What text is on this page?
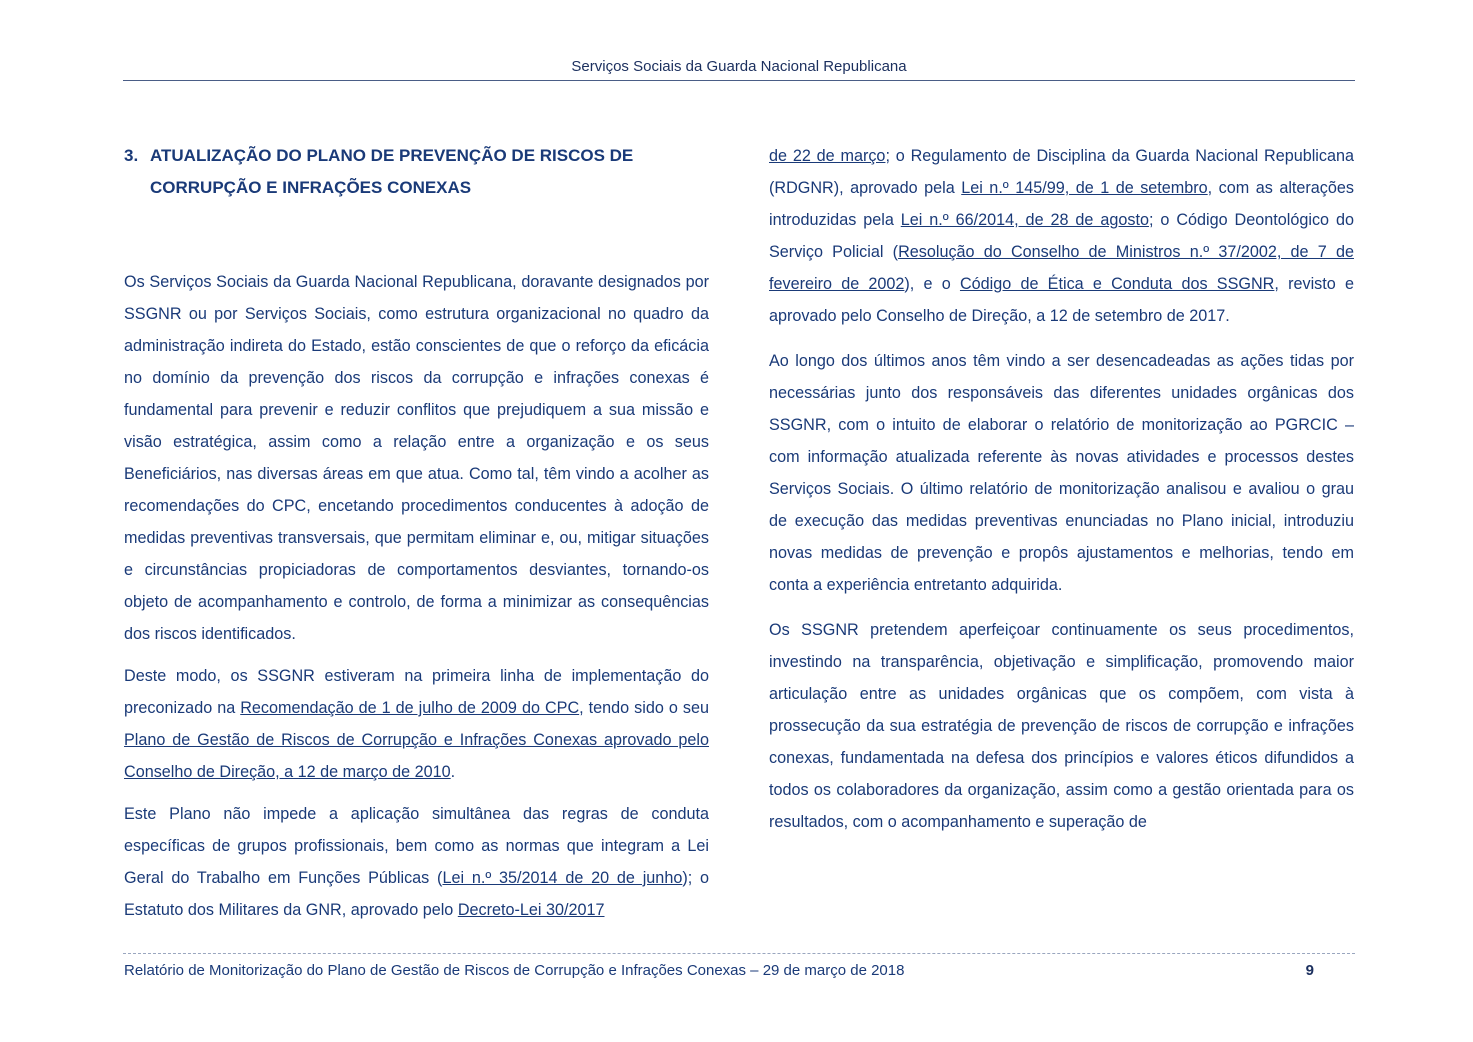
Serviços Sociais da Guarda Nacional Republicana
3. ATUALIZAÇÃO DO PLANO DE PREVENÇÃO DE RISCOS DE CORRUPÇÃO E INFRAÇÕES CONEXAS

Os Serviços Sociais da Guarda Nacional Republicana, doravante designados por SSGNR ou por Serviços Sociais, como estrutura organizacional no quadro da administração indireta do Estado, estão conscientes de que o reforço da eficácia no domínio da prevenção dos riscos da corrupção e infrações conexas é fundamental para prevenir e reduzir conflitos que prejudiquem a sua missão e visão estratégica, assim como a relação entre a organização e os seus Beneficiários, nas diversas áreas em que atua. Como tal, têm vindo a acolher as recomendações do CPC, encetando procedimentos conducentes à adoção de medidas preventivas transversais, que permitam eliminar e, ou, mitigar situações e circunstâncias propiciadoras de comportamentos desviantes, tornando-os objeto de acompanhamento e controlo, de forma a minimizar as consequências dos riscos identificados.

Deste modo, os SSGNR estiveram na primeira linha de implementação do preconizado na Recomendação de 1 de julho de 2009 do CPC, tendo sido o seu Plano de Gestão de Riscos de Corrupção e Infrações Conexas aprovado pelo Conselho de Direção, a 12 de março de 2010.

Este Plano não impede a aplicação simultânea das regras de conduta específicas de grupos profissionais, bem como as normas que integram a Lei Geral do Trabalho em Funções Públicas (Lei n.º 35/2014 de 20 de junho); o Estatuto dos Militares da GNR, aprovado pelo Decreto-Lei 30/2017

de 22 de março; o Regulamento de Disciplina da Guarda Nacional Republicana (RDGNR), aprovado pela Lei n.º 145/99, de 1 de setembro, com as alterações introduzidas pela Lei n.º 66/2014, de 28 de agosto; o Código Deontológico do Serviço Policial (Resolução do Conselho de Ministros n.º 37/2002, de 7 de fevereiro de 2002), e o Código de Ética e Conduta dos SSGNR, revisto e aprovado pelo Conselho de Direção, a 12 de setembro de 2017.

Ao longo dos últimos anos têm vindo a ser desencadeadas as ações tidas por necessárias junto dos responsáveis das diferentes unidades orgânicas dos SSGNR, com o intuito de elaborar o relatório de monitorização ao PGRCIC – com informação atualizada referente às novas atividades e processos destes Serviços Sociais. O último relatório de monitorização analisou e avaliou o grau de execução das medidas preventivas enunciadas no Plano inicial, introduziu novas medidas de prevenção e propôs ajustamentos e melhorias, tendo em conta a experiência entretanto adquirida.

Os SSGNR pretendem aperfeiçoar continuamente os seus procedimentos, investindo na transparência, objetivação e simplificação, promovendo maior articulação entre as unidades orgânicas que os compõem, com vista à prossecução da sua estratégia de prevenção de riscos de corrupção e infrações conexas, fundamentada na defesa dos princípios e valores éticos difundidos a todos os colaboradores da organização, assim como a gestão orientada para os resultados, com o acompanhamento e superação de

Relatório de Monitorização do Plano de Gestão de Riscos de Corrupção e Infrações Conexas – 29 de março de 2018	9
